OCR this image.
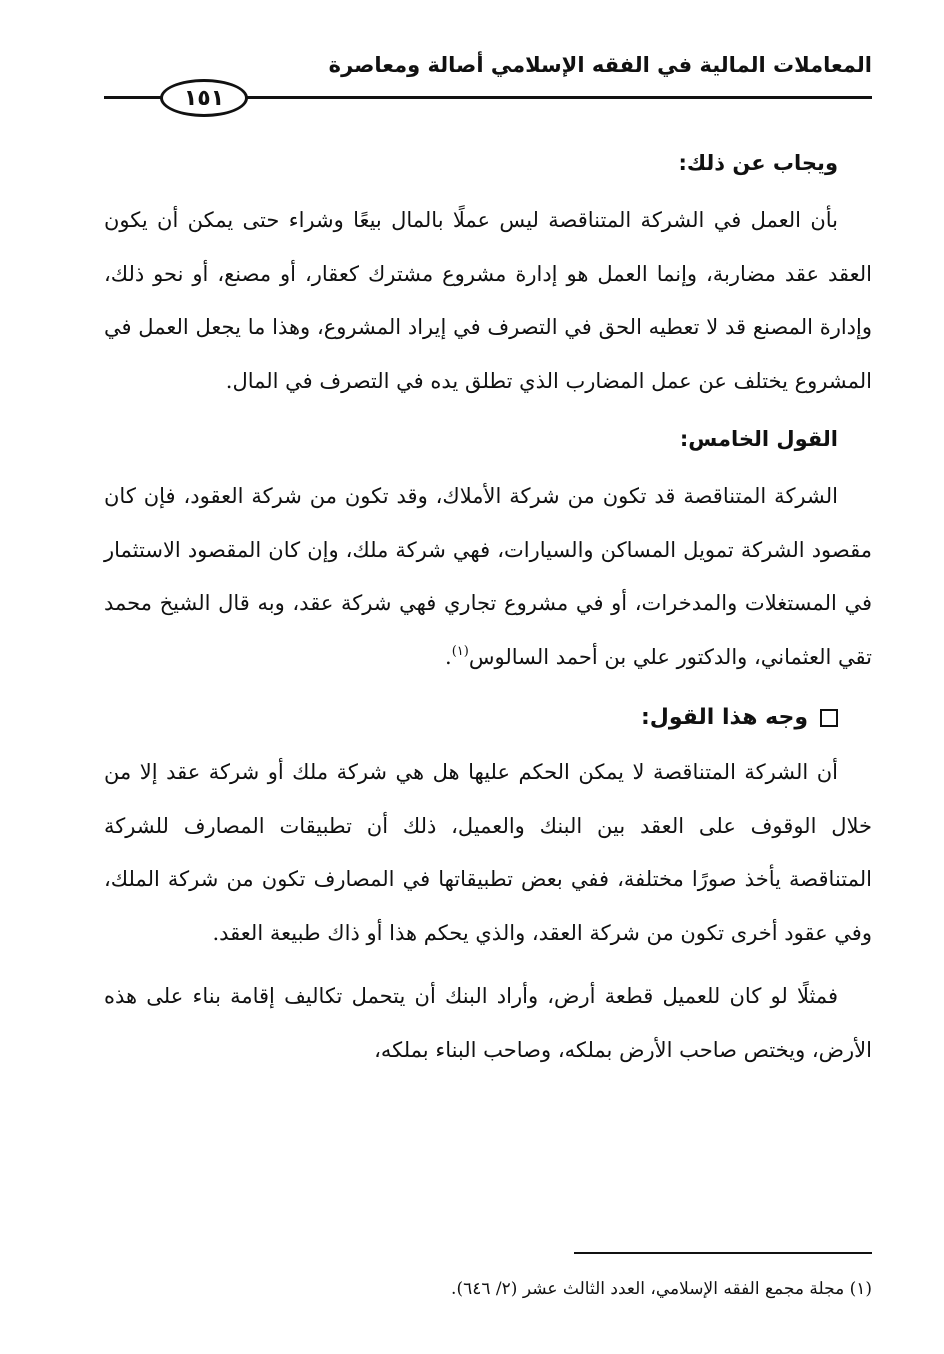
المعاملات المالية في الفقه الإسلامي أصالة ومعاصرة
١٥١

ويجاب عن ذلك:

بأن العمل في الشركة المتناقصة ليس عملًا بالمال بيعًا وشراء حتى يمكن أن يكون العقد عقد مضاربة، وإنما العمل هو إدارة مشروع مشترك كعقار، أو مصنع، أو نحو ذلك، وإدارة المصنع قد لا تعطيه الحق في التصرف في إيراد المشروع، وهذا ما يجعل العمل في المشروع يختلف عن عمل المضارب الذي تطلق يده في التصرف في المال.

القول الخامس:

الشركة المتناقصة قد تكون من شركة الأملاك، وقد تكون من شركة العقود، فإن كان مقصود الشركة تمويل المساكن والسيارات، فهي شركة ملك، وإن كان المقصود الاستثمار في المستغلات والمدخرات، أو في مشروع تجاري فهي شركة عقد، وبه قال الشيخ محمد تقي العثماني، والدكتور علي بن أحمد السالوس$^{(١)}$.

وجه هذا القول:

أن الشركة المتناقصة لا يمكن الحكم عليها هل هي شركة ملك أو شركة عقد إلا من خلال الوقوف على العقد بين البنك والعميل، ذلك أن تطبيقات المصارف للشركة المتناقصة يأخذ صورًا مختلفة، ففي بعض تطبيقاتها في المصارف تكون من شركة الملك، وفي عقود أخرى تكون من شركة العقد، والذي يحكم هذا أو ذاك طبيعة العقد.

فمثلًا لو كان للعميل قطعة أرض، وأراد البنك أن يتحمل تكاليف إقامة بناء على هذه الأرض، ويختص صاحب الأرض بملكه، وصاحب البناء بملكه،

(١) مجلة مجمع الفقه الإسلامي، العدد الثالث عشر (٢/ ٦٤٦).
